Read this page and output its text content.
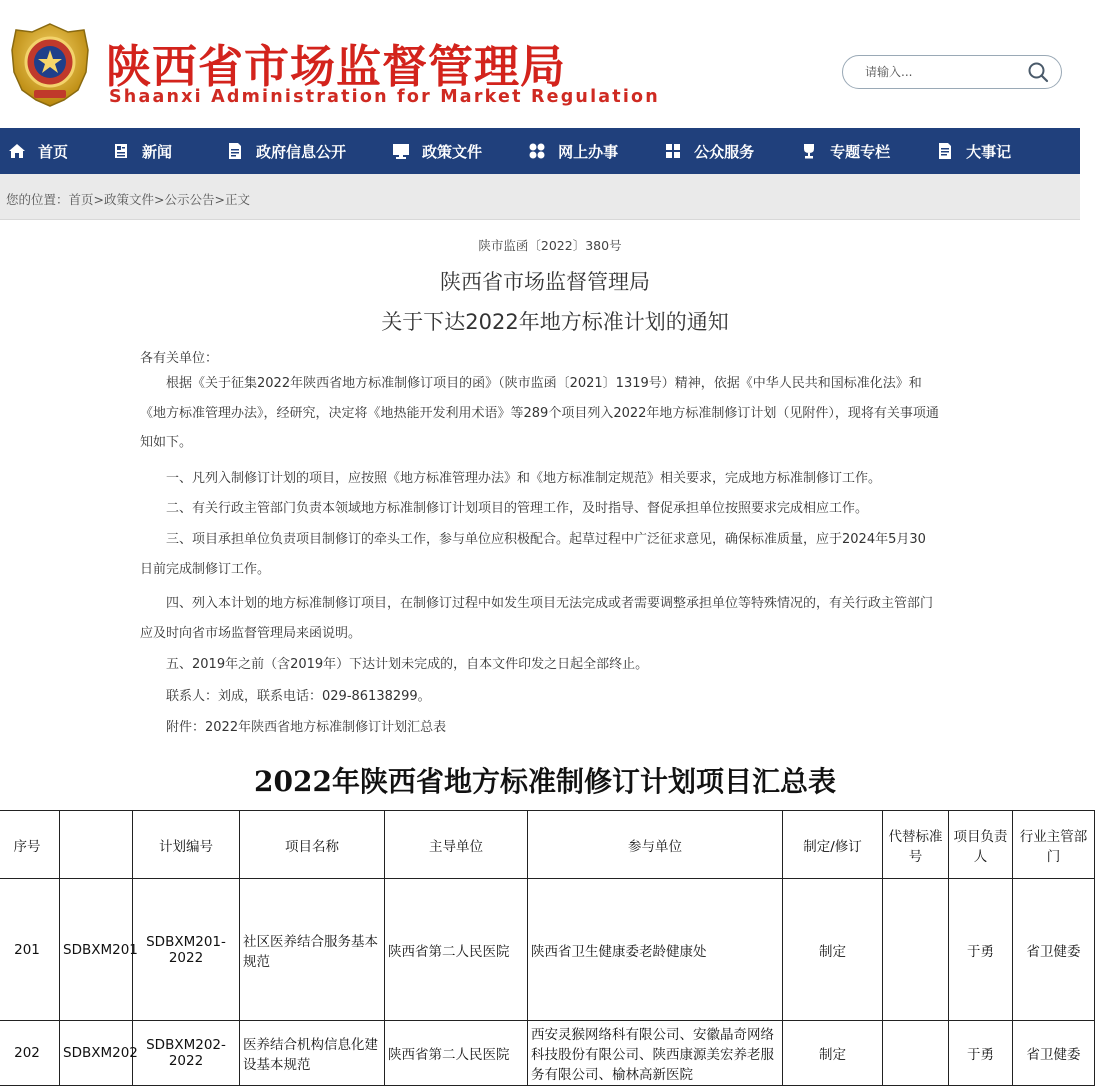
陕西省市场监督管理局
Shaanxi Administration for Market Regulation
请输入...
首页	新闻	政府信息公开	政策文件	网上办事	公众服务	专题专栏	大事记
您的位置：首页>政策文件>公示公告>正文
陕市监函〔2022〕380号
陕西省市场监督管理局
关于下达2022年地方标准计划的通知
各有关单位：

根据《关于征集2022年陕西省地方标准制修订项目的函》（陕市监函〔2021〕1319号）精神，依据《中华人民共和国标准化法》和《地方标准管理办法》，经研究，决定将《地热能开发利用术语》等289个项目列入2022年地方标准制修订计划（见附件），现将有关事项通知如下。

一、凡列入制修订计划的项目，应按照《地方标准管理办法》和《地方标准制定规范》相关要求，完成地方标准制修订工作。

二、有关行政主管部门负责本领域地方标准制修订计划项目的管理工作，及时指导、督促承担单位按照要求完成相应工作。

三、项目承担单位负责项目制修订的牵头工作，参与单位应积极配合。起草过程中广泛征求意见，确保标准质量，应于2024年5月30 日前完成制修订工作。

四、列入本计划的地方标准制修订项目，在制修订过程中如发生项目无法完成或者需要调整承担单位等特殊情况的，有关行政主管部门应及时向省市场监督管理局来函说明。

五、2019年之前（含2019年）下达计划未完成的，自本文件印发之日起全部终止。

联系人：刘成，联系电话：029-86138299。

附件：2022年陕西省地方标准制修订计划汇总表

2022年陕西省地方标准制修订计划项目汇总表
序号		计划编号	项目名称	主导单位	参与单位	制定/修订	代替标准号	项目负责人	行业主管部门
201	SDBXM201	SDBXM201-2022	社区医养结合服务基本规范	陕西省第二人民医院	陕西省卫生健康委老龄健康处	制定		于勇	省卫健委
202	SDBXM202	SDBXM202-2022	医养结合机构信息化建设基本规范	陕西省第二人民医院	西安灵猴网络科有限公司、安徽晶奇网络科技股份有限公司、陕西康源美宏养老服务有限公司、榆林高新医院	制定		于勇	省卫健委
